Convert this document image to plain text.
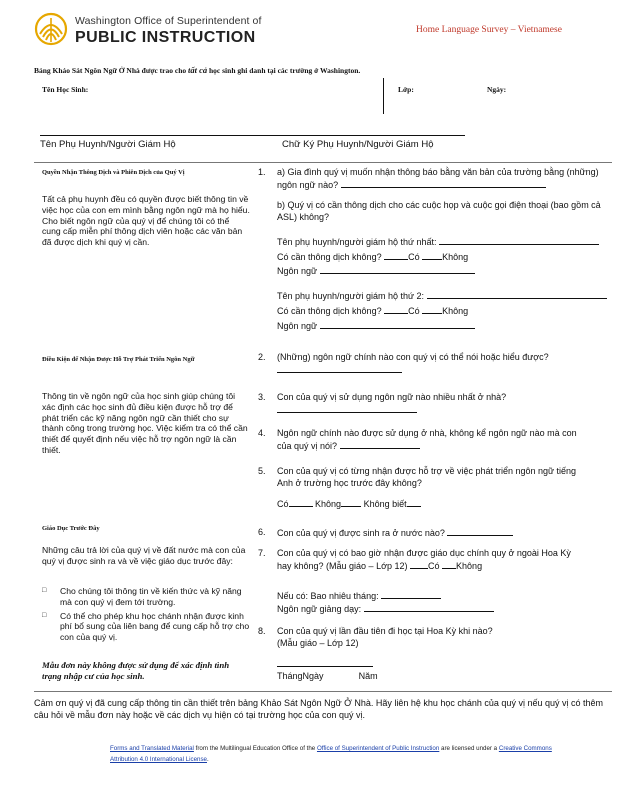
Washington Office of Superintendent of
PUBLIC INSTRUCTION	Home Language Survey – Vietnamese
Bảng Khảo Sát Ngôn Ngữ Ở Nhà được trao cho tất cả học sinh ghi danh tại các trường ở Washington.
Tên Học Sinh:	Lớp:	Ngày:
Tên Phụ Huynh/Người Giám Hộ	Chữ Ký Phụ Huynh/Người Giám Hộ
Quyền Nhận Thông Dịch và Phiên Dịch của Quý Vị
Tất cả phụ huynh đều có quyền được biết thông tin về việc học của con em mình bằng ngôn ngữ mà họ hiểu. Cho biết ngôn ngữ của quý vị để chúng tôi có thể cung cấp miễn phí thông dịch viên hoặc các văn bản đã được dịch khi quý vị cần.
Điều Kiện để Nhận Được Hỗ Trợ Phát Triển Ngôn Ngữ
Thông tin về ngôn ngữ của học sinh giúp chúng tôi xác định các học sinh đủ điều kiện được hỗ trợ để phát triển các kỹ năng ngôn ngữ cần thiết cho sự thành công trong trường học. Việc kiểm tra có thể cần thiết để quyết định nếu việc hỗ trợ ngôn ngữ là cần thiết.
Giáo Dục Trước Đây
Những câu trả lời của quý vị về đất nước mà con của quý vị được sinh ra và về việc giáo dục trước đây:
□	Cho chúng tôi thông tin về kiến thức và kỹ năng mà con quý vị đem tới trường.
□	Có thể cho phép khu học chánh nhận được kinh phí bổ sung của liên bang để cung cấp hỗ trợ cho con của quý vị.
Mẫu đơn này không được sử dụng để xác định tình trạng nhập cư của học sinh.
1. a) Gia đình quý vị muốn nhận thông báo bằng văn bản của trường bằng (những) ngôn ngữ nào?
b) Quý vị có cần thông dịch cho các cuộc họp và cuộc gọi điện thoại (bao gồm cả ASL) không?
Tên phụ huynh/người giám hộ thứ nhất:
Có cần thông dịch không?	Có	Không
Ngôn ngữ
Tên phụ huynh/người giám hộ thứ 2:
Có cần thông dịch không?	Có	Không
Ngôn ngữ
2. (Những) ngôn ngữ chính nào con quý vị có thể nói hoặc hiểu được?
3. Con của quý vị sử dụng ngôn ngữ nào nhiều nhất ở nhà?

4. Ngôn ngữ chính nào được sử dụng ở nhà, không kể ngôn ngữ nào mà con của quý vị nói?
5. Con của quý vị có từng nhận được hỗ trợ về việc phát triển ngôn ngữ tiếng Anh ở trường học trước đây không?
Có	Không	Không biết
6. Con của quý vị được sinh ra ở nước nào?
7. Con của quý vị có bao giờ nhận được giáo dục chính quy ở ngoài Hoa Kỳ hay không? (Mẫu giáo – Lớp 12) Có Không
Nếu có: Bao nhiêu tháng:
Ngôn ngữ giảng dạy:
8. Con của quý vị lần đầu tiên đi học tại Hoa Kỳ khi nào?
(Mẫu giáo – Lớp 12)
ThángNgày	Năm
Cảm ơn quý vị đã cung cấp thông tin cần thiết trên bảng Khảo Sát Ngôn Ngữ Ở Nhà. Hãy liên hệ khu học chánh của quý vị nếu quý vị có thêm câu hỏi về mẫu đơn này hoặc về các dịch vụ hiện có tại trường học của con quý vị.
Forms and Translated Material from the Multilingual Education Office of the Office of Superintendent of Public Instruction are licensed under a Creative Commons Attribution 4.0 International License.
